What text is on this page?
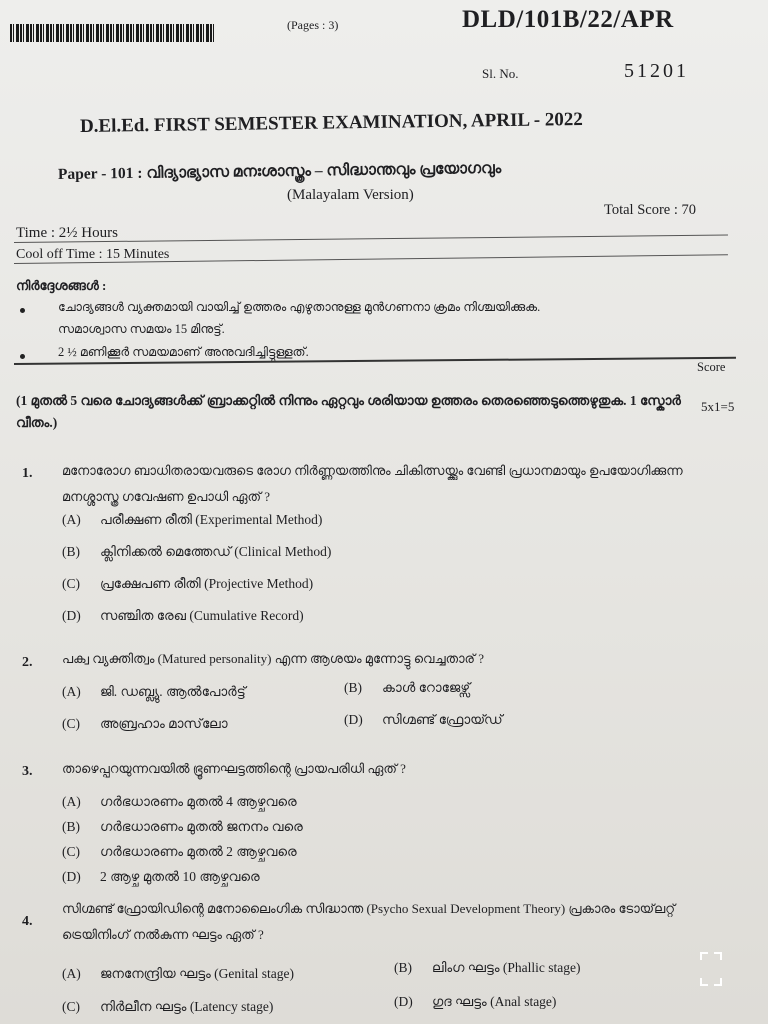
(Pages : 3)	DLD/101B/22/APR
Sl. No.	51201
D.El.Ed. FIRST SEMESTER EXAMINATION, APRIL - 2022
Paper - 101 : വിദ്യാഭ്യാസ മനഃശാസ്ത്രം – സിദ്ധാന്തവും പ്രയോഗവും
(Malayalam Version)
Total Score : 70
Time : 2½ Hours
Cool off Time : 15 Minutes
നിർദ്ദേശങ്ങൾ :
ചോദ്യങ്ങൾ വ്യക്തമായി വായിച്ച് ഉത്തരം എഴുതാനുള്ള മുൻഗണനാ ക്രമം നിശ്ചയിക്കുക.
സമാശ്വാസ സമയം 15 മിനുട്ട്.
2 ½ മണിക്കൂർ സമയമാണ് അനുവദിച്ചിട്ടുള്ളത്.
Score
(1 മുതൽ 5 വരെ ചോദ്യങ്ങൾക്ക് ബ്രാക്കറ്റിൽ നിന്നും ഏറ്റവും ശരിയായ ഉത്തരം തെരഞ്ഞെടുത്തെഴുതുക. 1 സ്കോർ വീതം.)
5x1=5
1. മനോരോഗ ബാധിതരായവരുടെ രോഗ നിർണ്ണയത്തിനും ചികിത്സയ്ക്കും വേണ്ടി പ്രധാനമായും ഉപയോഗിക്കുന്ന മനശ്ശാസ്ത്ര ഗവേഷണ ഉപാധി ഏത് ?
(A) പരീക്ഷണ രീതി (Experimental Method)
(B) ക്ലിനിക്കൽ മെത്തേഡ് (Clinical Method)
(C) പ്രക്ഷേപണ രീതി (Projective Method)
(D) സഞ്ചിത രേഖ (Cumulative Record)
2. പക്വ വ്യക്തിത്വം (Matured personality) എന്ന ആശയം മുന്നോട്ടു വെച്ചതാര് ?
(A) ജി. ഡബ്ല്യു. ആൽപോർട്ട്	(B) കാൾ റോജേഴ്സ്
(C) അബ്രഹാം മാസ്‌ലോ	(D) സിഗ്മണ്ട് ഫ്രോയ്ഡ്
3. താഴെപ്പറയുന്നവയിൽ ഭ്രൂണഘട്ടത്തിന്റെ പ്രായപരിധി ഏത് ?
(A) ഗർഭധാരണം മുതൽ 4 ആഴ്ചവരെ
(B) ഗർഭധാരണം മുതൽ ജനനം വരെ
(C) ഗർഭധാരണം മുതൽ 2 ആഴ്ചവരെ
(D) 2 ആഴ്ച മുതൽ 10 ആഴ്ചവരെ
4.
സിഗ്മണ്ട് ഫ്രോയിഡിന്റെ മനോലൈംഗിക സിദ്ധാന്ത (Psycho Sexual Development Theory) പ്രകാരം ടോയ്‌ലറ്റ് ട്രെയിനിംഗ് നൽകുന്ന ഘട്ടം ഏത് ?
(A) ജനനേന്ദ്രിയ ഘട്ടം (Genital stage)	(B) ലിംഗ ഘട്ടം (Phallic stage)
(C) നിർലീന ഘട്ടം (Latency stage)	(D) ഗുദ ഘട്ടം (Anal stage)
